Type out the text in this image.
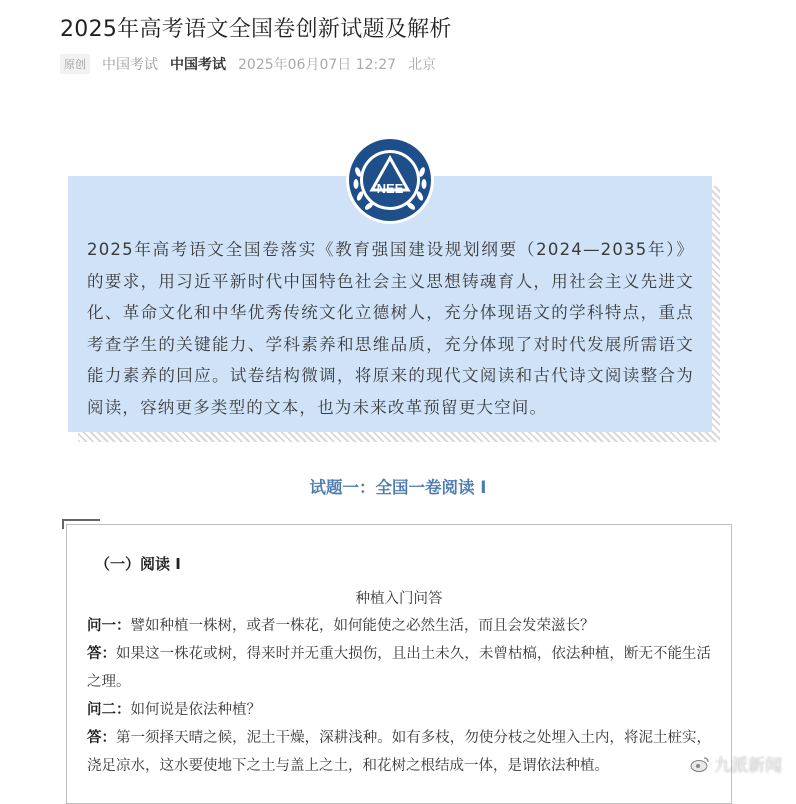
2025年高考语文全国卷创新试题及解析
原创 中国考试 中国考试 2025年06月07日 12:27 北京

2025年高考语文全国卷落实《教育强国建设规划纲要（2024—2035年）》的要求，用习近平新时代中国特色社会主义思想铸魂育人，用社会主义先进文化、革命文化和中华优秀传统文化立德树人，充分体现语文的学科特点，重点考查学生的关键能力、学科素养和思维品质，充分体现了对时代发展所需语文能力素养的回应。试卷结构微调，将原来的现代文阅读和古代诗文阅读整合为阅读，容纳更多类型的文本，也为未来改革预留更大空间。

NEE
试题一：全国一卷阅读 I

（一）阅读 I

种植入门问答

问一：譬如种植一株树，或者一株花，如何能使之必然生活，而且会发荣滋长？

答：如果这一株花或树，得来时并无重大损伤，且出土未久，未曾枯槁，依法种植，断无不能生活之理。

问二：如何说是依法种植？

答：第一须择天晴之候，泥土干燥，深耕浅种。如有多枝，勿使分枝之处埋入土内，将泥土桩实，浇足凉水，这水要使地下之土与盖上之土，和花树之根结成一体，是谓依法种植。	九派新闻
